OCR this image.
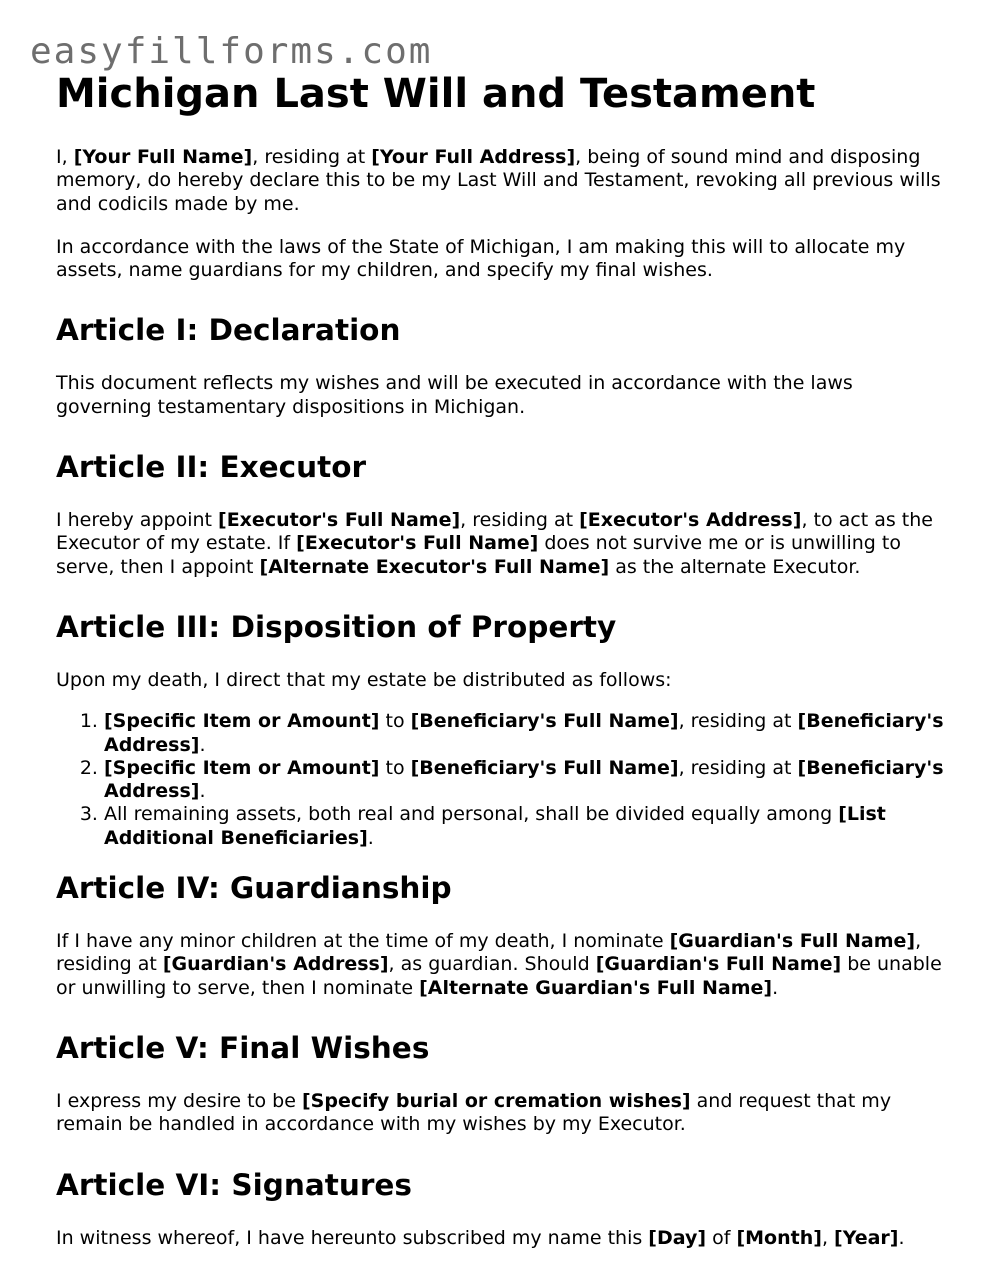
easyfillforms.com
Michigan Last Will and Testament

I, [Your Full Name], residing at [Your Full Address], being of sound mind and disposing memory, do hereby declare this to be my Last Will and Testament, revoking all previous wills and codicils made by me.

In accordance with the laws of the State of Michigan, I am making this will to allocate my assets, name guardians for my children, and specify my final wishes.

Article I: Declaration

This document reflects my wishes and will be executed in accordance with the laws governing testamentary dispositions in Michigan.

Article II: Executor

I hereby appoint [Executor's Full Name], residing at [Executor's Address], to act as the Executor of my estate. If [Executor's Full Name] does not survive me or is unwilling to serve, then I appoint [Alternate Executor's Full Name] as the alternate Executor.

Article III: Disposition of Property

Upon my death, I direct that my estate be distributed as follows:

1. [Specific Item or Amount] to [Beneficiary's Full Name], residing at [Beneficiary's Address].
2. [Specific Item or Amount] to [Beneficiary's Full Name], residing at [Beneficiary's Address].
3. All remaining assets, both real and personal, shall be divided equally among [List Additional Beneficiaries].
Article IV: Guardianship

If I have any minor children at the time of my death, I nominate [Guardian's Full Name], residing at [Guardian's Address], as guardian. Should [Guardian's Full Name] be unable or unwilling to serve, then I nominate [Alternate Guardian's Full Name].

Article V: Final Wishes

I express my desire to be [Specify burial or cremation wishes] and request that my remain be handled in accordance with my wishes by my Executor.

Article VI: Signatures

In witness whereof, I have hereunto subscribed my name this [Day] of [Month], [Year].
